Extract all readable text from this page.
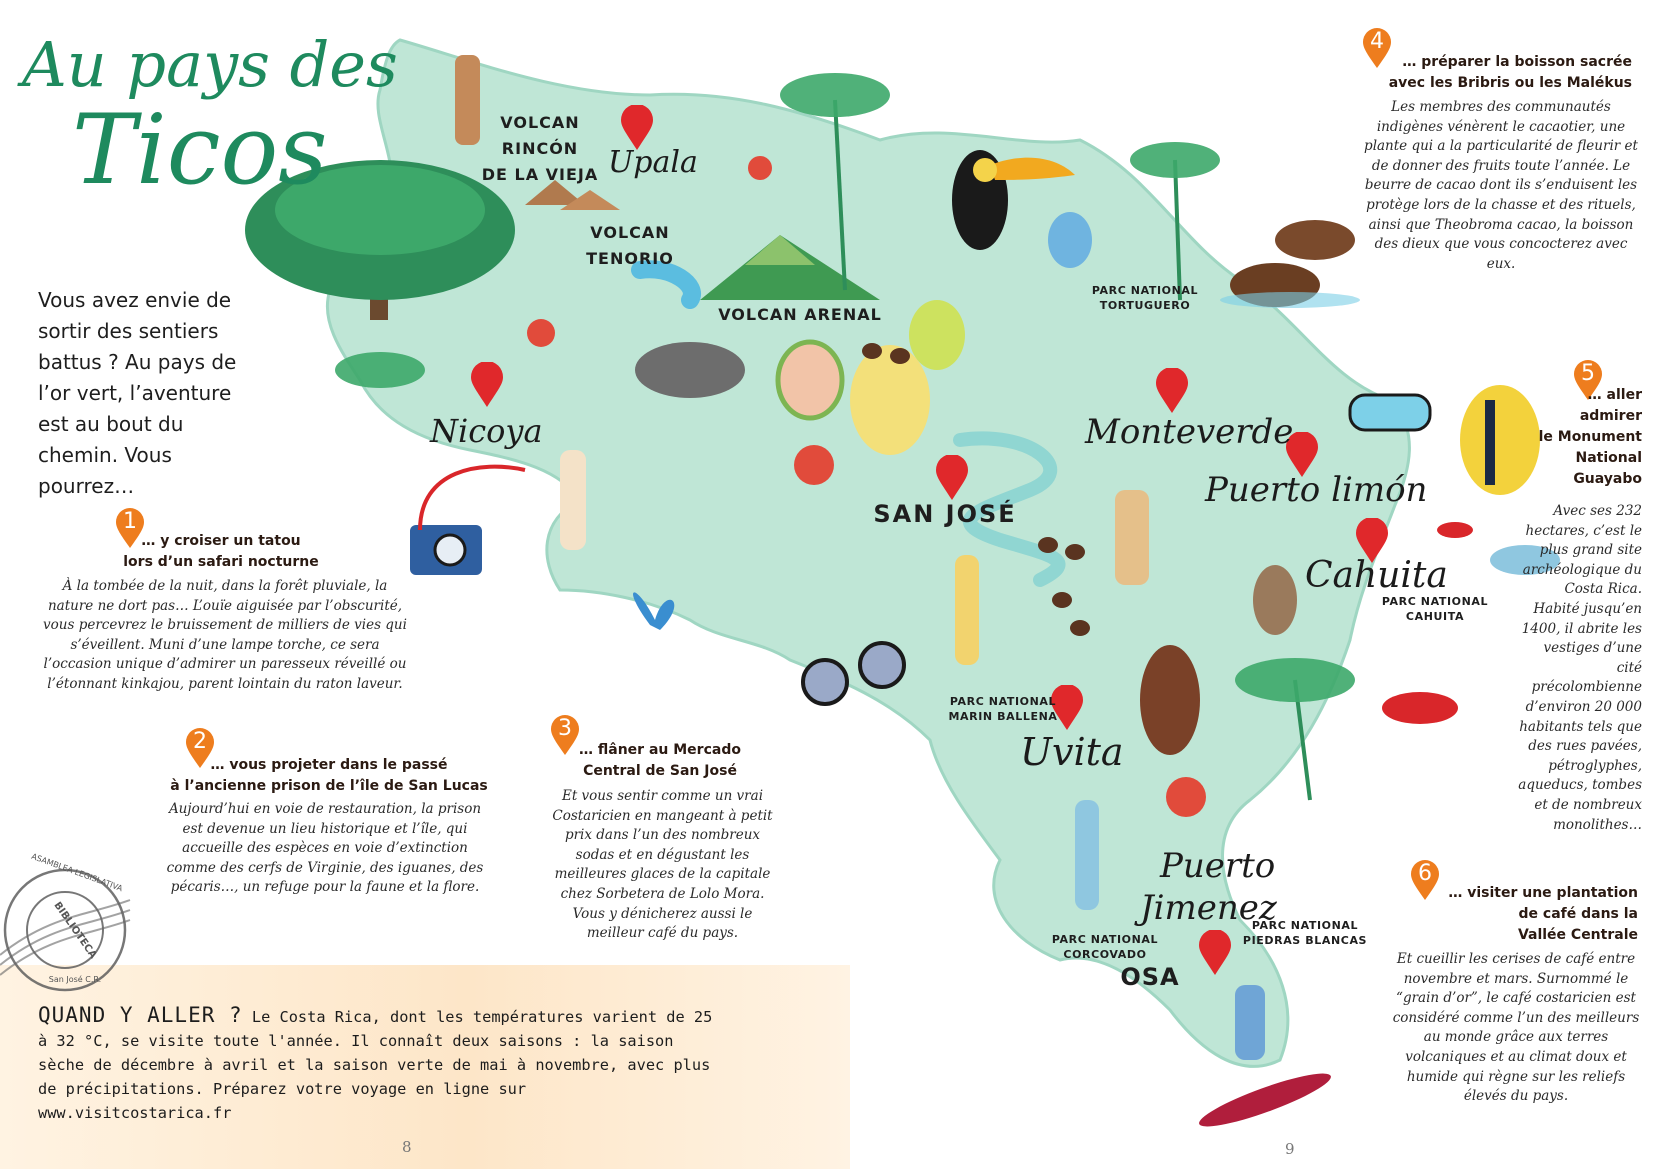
VOLCAN
RINCÓN
DE LA VIEJA
VOLCAN
TENORIO
VOLCAN ARENAL
Upala
Nicoya	Monteverde
Puerto limón
Cahuita
Uvita
Puerto
Jimenez
SAN JOSÉ
OSA
PARC NATIONAL
TORTUGUERO
PARC NATIONAL
CAHUITA
PARC NATIONAL
MARIN BALLENA
PARC NATIONAL
CORCOVADO
PARC NATIONAL
PIEDRAS BLANCAS
Au pays des
Ticos
Vous avez envie de sortir des sentiers battus ? Au pays de l’or vert, l’aventure est au bout du chemin. Vous pourrez…
1
… y croiser un tatou
lors d’un safari nocturne
À la tombée de la nuit, dans la forêt pluviale, la nature ne dort pas… L’ouïe aiguisée par l’obscurité, vous percevrez le bruissement de milliers de vies qui s’éveillent. Muni d’une lampe torche, ce sera l’occasion unique d’admirer un paresseux réveillé ou l’étonnant kinkajou, parent lointain du raton laveur.
2
… vous projeter dans le passé
à l’ancienne prison de l’île de San Lucas
Aujourd’hui en voie de restauration, la prison est devenue un lieu historique et l’île, qui accueille des espèces en voie d’extinction comme des cerfs de Virginie, des iguanes, des pécaris…, un refuge pour la faune et la flore.
3
… flâner au Mercado
Central de San José
Et vous sentir comme un vrai Costaricien en mangeant à petit prix dans l’un des nombreux sodas et en dégustant les meilleures glaces de la capitale chez Sorbetera de Lolo Mora. Vous y dénicherez aussi le meilleur café du pays.
4
… préparer la boisson sacrée
avec les Bribris ou les Malékus
Les membres des communautés indigènes vénèrent le cacaotier, une plante qui a la particularité de fleurir et de donner des fruits toute l’année. Le beurre de cacao dont ils s’enduisent les protège lors de la chasse et des rituels, ainsi que Theobroma cacao, la boisson des dieux que vous concocterez avec eux.
5
… aller
admirer
le Monument
National
Guayabo
Avec ses 232 hectares, c’est le plus grand site archéologique du Costa Rica. Habité jusqu’en 1400, il abrite les vestiges d’une cité précolombienne d’environ 20 000 habitants tels que des rues pavées, pétroglyphes, aqueducs, tombes et de nombreux monolithes…
6
… visiter une plantation
de café dans la
Vallée Centrale
Et cueillir les cerises de café entre novembre et mars. Surnommé le “grain d’or”, le café costaricien est considéré comme l’un des meilleurs au monde grâce aux terres volcaniques et au climat doux et humide qui règne sur les reliefs élevés du pays.
ASAMBLEA LEGISLATIVA
BIBLIOTECA
San José C.R.
QUAND Y ALLER ? Le Costa Rica, dont les températures varient de 25 à 32 °C, se visite toute l'année. Il connaît deux saisons : la saison sèche de décembre à avril et la saison verte de mai à novembre, avec plus de précipitations. Préparez votre voyage en ligne sur www.visitcostarica.fr
8	9
